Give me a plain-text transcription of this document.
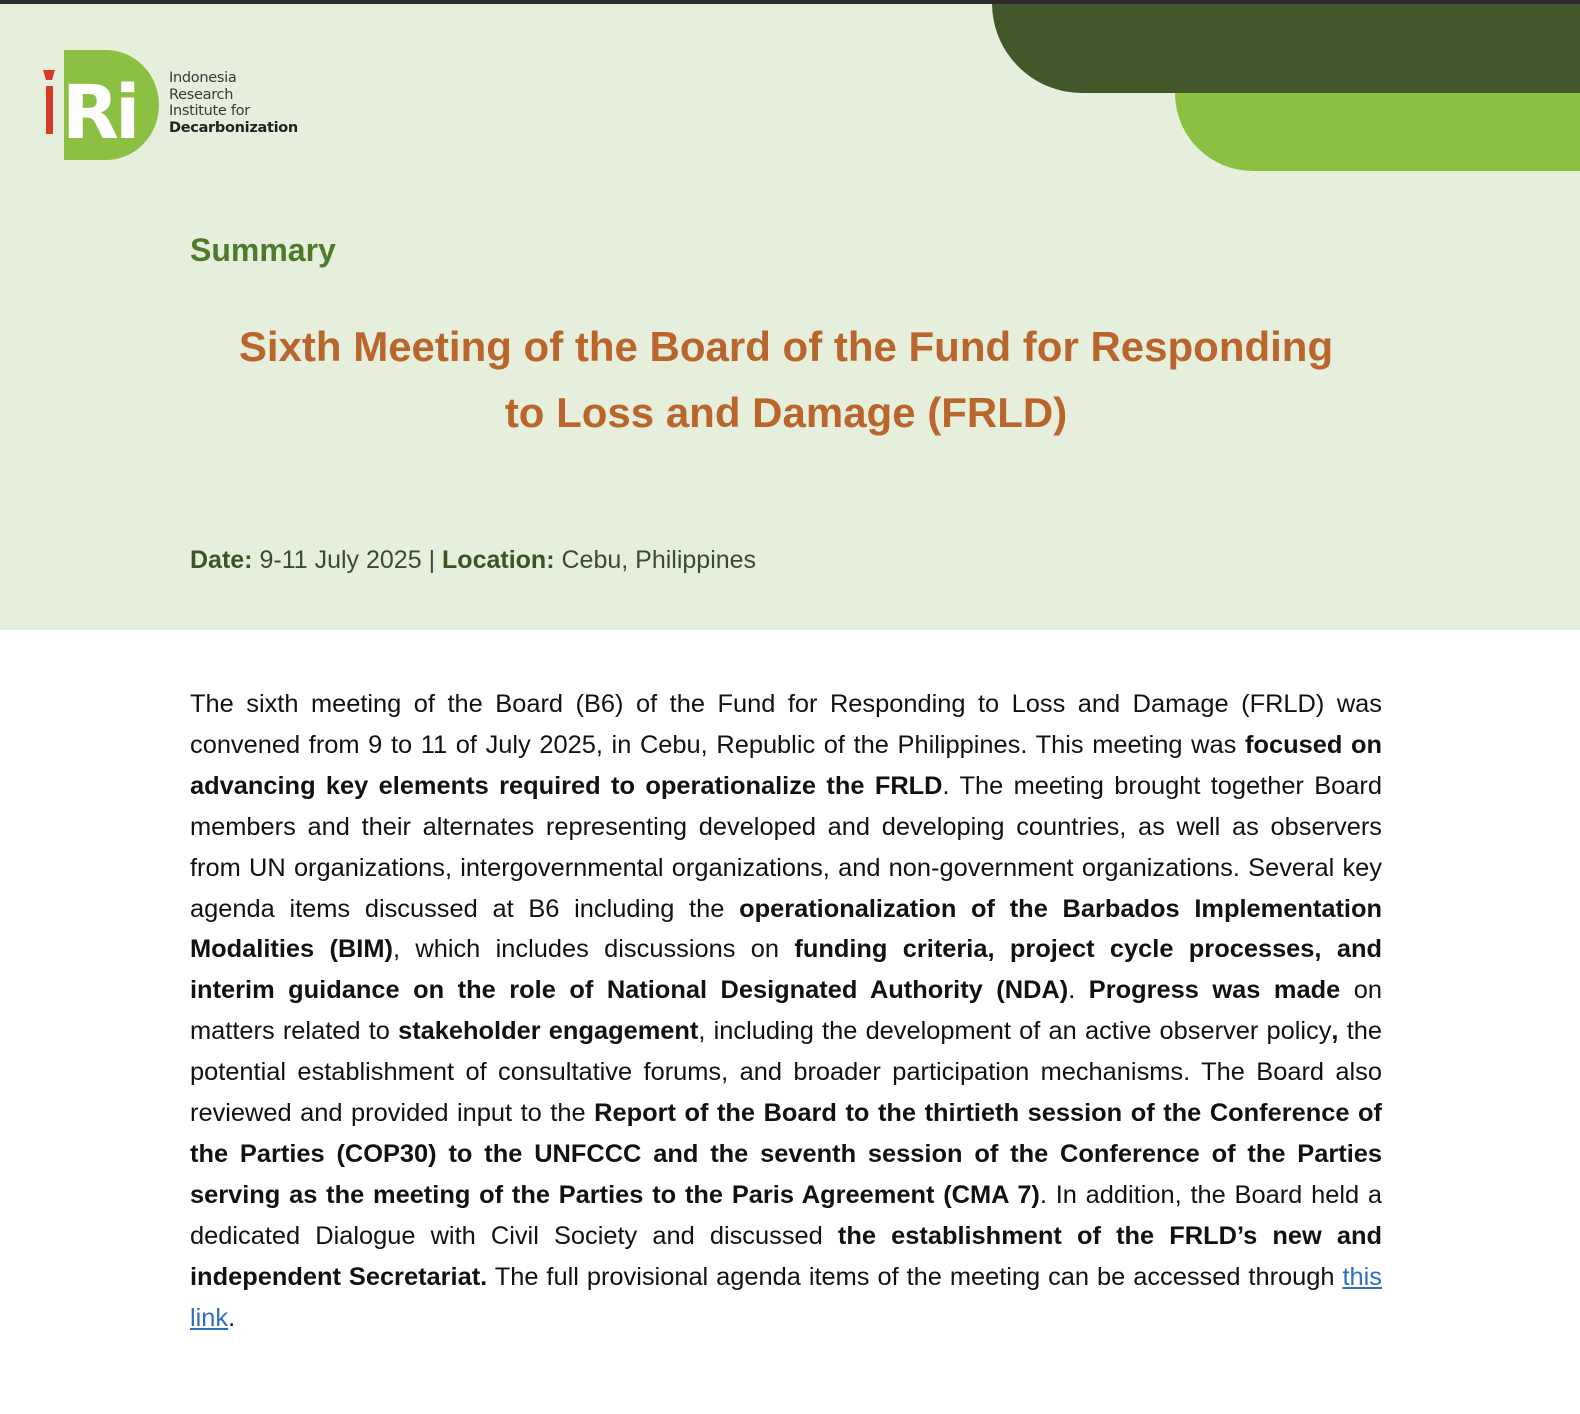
Ri Indonesia
Research
Institute for
Decarbonization
Summary
Sixth Meeting of the Board of the Fund for Responding
to Loss and Damage (FRLD)
Date: 9-11 July 2025 | Location: Cebu, Philippines

The sixth meeting of the Board (B6) of the Fund for Responding to Loss and Damage (FRLD) was convened from 9 to 11 of July 2025, in Cebu, Republic of the Philippines. This meeting was focused on advancing key elements required to operationalize the FRLD. The meeting brought together Board members and their alternates representing developed and developing countries, as well as observers from UN organizations, intergovernmental organizations, and non-government organizations. Several key agenda items discussed at B6 including the operationalization of the Barbados Implementation Modalities (BIM), which includes discussions on funding criteria, project cycle processes, and interim guidance on the role of National Designated Authority (NDA). Progress was made on matters related to stakeholder engagement, including the development of an active observer policy, the potential establishment of consultative forums, and broader participation mechanisms. The Board also reviewed and provided input to the Report of the Board to the thirtieth session of the Conference of the Parties (COP30) to the UNFCCC and the seventh session of the Conference of the Parties serving as the meeting of the Parties to the Paris Agreement (CMA 7). In addition, the Board held a dedicated Dialogue with Civil Society and discussed the establishment of the FRLD’s new and independent Secretariat. The full provisional agenda items of the meeting can be accessed through this link.
